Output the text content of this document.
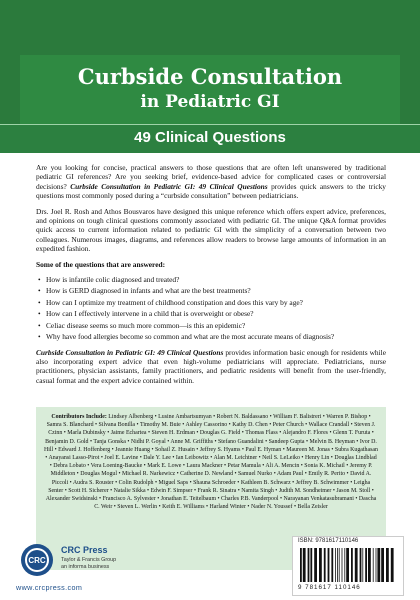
Curbside Consultation
in Pediatric GI
49 Clinical Questions

Are you looking for concise, practical answers to those questions that are often left unanswered by traditional pediatric GI references? Are you seeking brief, evidence-based advice for complicated cases or controversial decisions? Curbside Consultation in Pediatric GI: 49 Clinical Questions provides quick answers to the tricky questions most commonly posed during a “curbside consultation” between pediatricians.

Drs. Joel R. Rosh and Athos Bousvaros have designed this unique reference which offers expert advice, preferences, and opinions on tough clinical questions commonly associated with pediatric GI. The unique Q&A format provides quick access to current information related to pediatric GI with the simplicity of a conversation between two colleagues. Numerous images, diagrams, and references allow readers to browse large amounts of information in an expedited fashion.

Some of the questions that are answered:

• How is infantile colic diagnosed and treated?
• How is GERD diagnosed in infants and what are the best treatments?
• How can I optimize my treatment of childhood constipation and does this vary by age?
• How can I effectively intervene in a child that is overweight or obese?
• Celiac disease seems so much more common—is this an epidemic?
• Why have food allergies become so common and what are the most accurate means of diagnosis?

Curbside Consultation in Pediatric GI: 49 Clinical Questions provides information basic enough for residents while also incorporating expert advice that even high-volume pediatricians will appreciate. Pediatricians, nurse practitioners, physician assistants, family practitioners, and pediatric residents will benefit from the user-friendly, casual format and the expert advice contained within.

Contributors Include: Lindsey Albenberg • Lusine Ambartsumyan • Robert N. Baldassano • William F. Balistreri • Warren P. Bishop • Samra S. Blanchard • Silvana Bonilla • Timothy M. Buie • Ashley Cassorino • Kathy D. Chen • Peter Church • Wallace Crandall • Steven J. Czinn • Marla Dubinsky • Jaime Echartea • Steven H. Erdman • Douglas G. Field • Thomas Flass • Alejandro F. Flores • Glenn T. Furuta • Benjamin D. Gold • Tanja Gonska • Nidhi P. Goyal • Anne M. Griffiths • Stefano Guandalini • Sandeep Gupta • Melvin B. Heyman • Ivor D. Hill • Edward J. Hoffenberg • Jeannie Huang • Sohail Z. Husain • Jeffrey S. Hyams • Paul E. Hyman • Maureen M. Jonas • Subra Kugathasan • Anayansi Lasso-Pirot • Joel E. Lavine • Dale Y. Lee • Ian Leibowitz • Alan M. Leichtner • Neil S. LeLeiko • Henry Lin • Douglas Lindblad • Debra Lobato • Vera Loening-Baucke • Mark E. Lowe • Laura Mackner • Petar Mamula • Ali A. Mencin • Sonia K. Michail • Jeremy P. Middleton • Douglas Mogul • Michael R. Narkewicz • Catherine D. Newland • Samuel Nurko • Adam Paul • Emily R. Perito • David A. Piccoli • Audra S. Rouster • Colin Rudolph • Miguel Saps • Shauna Schroeder • Kathleen B. Schwarz • Jeffrey B. Schwimmer • Leigha Senter • Scott H. Sicherer • Natalie Sikka • Edwin F. Simpser • Frank R. Sinatra • Namita Singh • Judith M. Sondheimer • Jason M. Stoll • Alexander Swidsinski • Francisco A. Sylvester • Jonathan E. Teitelbaum • Charles P.B. Vanderpool • Narayanan Venkatasubramani • Dascha C. Weir • Steven L. Werlin • Keith E. Williams • Harland Winter • Nader N. Youssef • Bella Zeisler
CRC
CRC Press
Taylor & Francis Group
an informa business
www.crcpress.com
ISBN: 9781617110146
9 781617 110146
